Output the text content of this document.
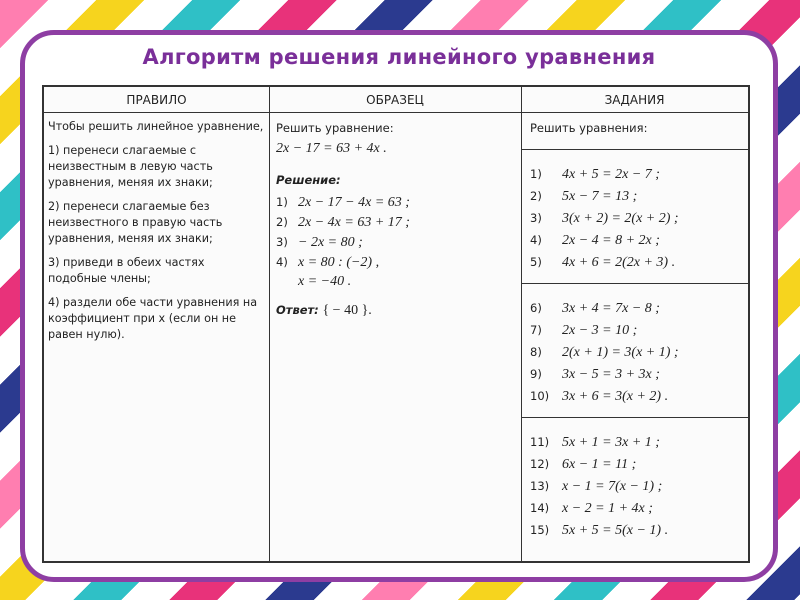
Алгоритм решения линейного уравнения
ПРАВИЛО	ОБРАЗЕЦ	ЗАДАНИЯ

Чтобы решить линейное уравнение,

1) перенеси слагаемые с неизвестным в левую часть уравнения, меняя их знаки;

2) перенеси слагаемые без неизвестного в правую часть уравнения, меняя их знаки;

3) приведи в обеих частях подобные члены;

4) раздели обе части уравнения на коэффициент при x (если он не равен нулю).

Решить уравнение:
2x − 17 = 63 + 4x .
Решение:
1) 2x − 17 − 4x = 63 ;
2) 2x − 4x = 63 + 17 ;
3) − 2x = 80 ;
4) x = 80 : (−2) ,
x = −40 .
Ответ: { − 40 }.
Решить уравнения:
1) 4x + 5 = 2x − 7 ;
2) 5x − 7 = 13 ;
3) 3(x + 2) = 2(x + 2) ;
4) 2x − 4 = 8 + 2x ;
5) 4x + 6 = 2(2x + 3) .
6) 3x + 4 = 7x − 8 ;
7) 2x − 3 = 10 ;
8) 2(x + 1) = 3(x + 1) ;
9) 3x − 5 = 3 + 3x ;
10) 3x + 6 = 3(x + 2) .
11) 5x + 1 = 3x + 1 ;
12) 6x − 1 = 11 ;
13) x − 1 = 7(x − 1) ;
14) x − 2 = 1 + 4x ;
15) 5x + 5 = 5(x − 1) .
